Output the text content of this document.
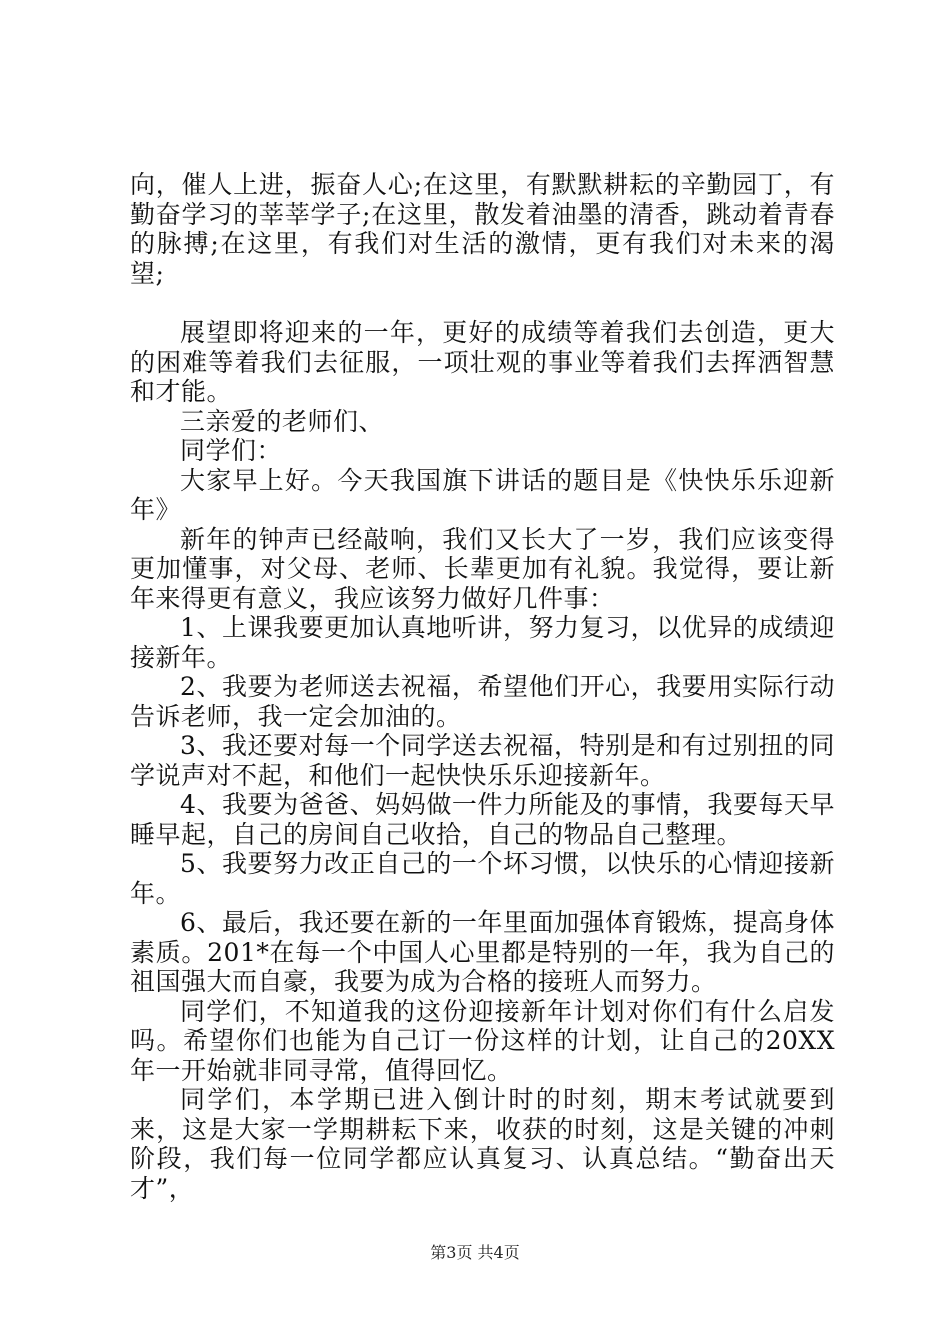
向，催人上进，振奋人心;在这里，有默默耕耘的辛勤园丁，有勤奋学习的莘莘学子;在这里，散发着油墨的清香，跳动着青春的脉搏;在这里，有我们对生活的激情，更有我们对未来的渴望;

展望即将迎来的一年，更好的成绩等着我们去创造，更大的困难等着我们去征服，一项壮观的事业等着我们去挥洒智慧和才能。

三亲爱的老师们、

同学们：

大家早上好。今天我国旗下讲话的题目是《快快乐乐迎新年》

新年的钟声已经敲响，我们又长大了一岁，我们应该变得更加懂事，对父母、老师、长辈更加有礼貌。我觉得，要让新年来得更有意义，我应该努力做好几件事：

1、上课我要更加认真地听讲，努力复习，以优异的成绩迎接新年。

2、我要为老师送去祝福，希望他们开心，我要用实际行动告诉老师，我一定会加油的。

3、我还要对每一个同学送去祝福，特别是和有过别扭的同学说声对不起，和他们一起快快乐乐迎接新年。

4、我要为爸爸、妈妈做一件力所能及的事情，我要每天早睡早起，自己的房间自己收拾，自己的物品自己整理。

5、我要努力改正自己的一个坏习惯，以快乐的心情迎接新年。

6、最后，我还要在新的一年里面加强体育锻炼，提高身体素质。201*在每一个中国人心里都是特别的一年，我为自己的祖国强大而自豪，我要为成为合格的接班人而努力。

同学们，不知道我的这份迎接新年计划对你们有什么启发吗。希望你们也能为自己订一份这样的计划，让自己的20XX年一开始就非同寻常，值得回忆。

同学们，本学期已进入倒计时的时刻，期末考试就要到来，这是大家一学期耕耘下来，收获的时刻，这是关键的冲刺阶段，我们每一位同学都应认真复习、认真总结。“勤奋出天才”，

第3页 共4页
